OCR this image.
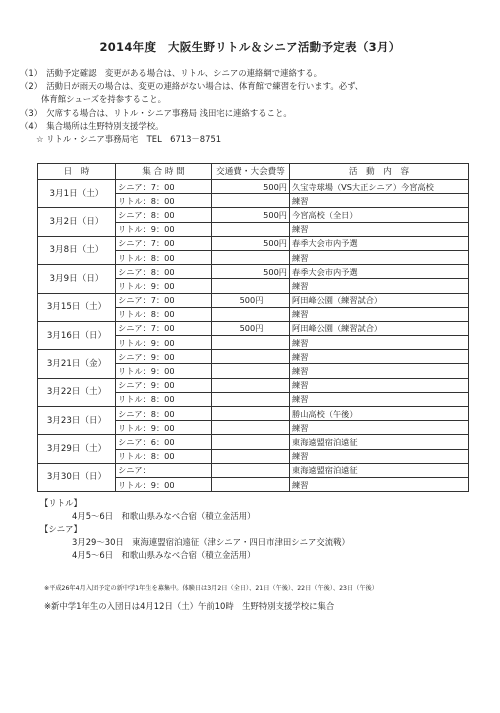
2014年度　大阪生野リトル＆シニア活動予定表（3月）
（1）　活動予定確認　変更がある場合は、リトル、シニアの連絡網で連絡する。
（2）　活動日が雨天の場合は、変更の連絡がない場合は、体育館で練習を行います。必ず、
体育館シューズを持参すること。
（3）　欠席する場合は、リトル・シニア事務局 浅田宅に連絡すること。
（4）　集合場所は生野特別支援学校。
☆ リトル・シニア事務局宅　TEL　6713－8751
日　時	集 合 時 間	交通費・大会費等	活　動　内　容
3月1日（土）	シニア：7：00	500円	久宝寺球場（VS大正シニア）今宮高校
	リトル：8：00		練習
3月2日（日）	シニア：8：00	500円	今宮高校（全日）
	リトル：9：00		練習
3月8日（土）	シニア：7：00	500円	春季大会市内予選
	リトル：8：00		練習
3月9日（日）	シニア：8：00	500円	春季大会市内予選
	リトル：9：00		練習
3月15日（土）	シニア：7：00	500円	阿田峰公園（練習試合）
	リトル：8：00		練習
3月16日（日）	シニア：7：00	500円	阿田峰公園（練習試合）
	リトル：9：00		練習
3月21日（金）	シニア：9：00		練習
	リトル：9：00		練習
3月22日（土）	シニア：9：00		練習
	リトル：8：00		練習
3月23日（日）	シニア：8：00		勝山高校（午後）
	リトル：9：00		練習
3月29日（土）	シニア：6：00		東海遠盟宿泊遠征
	リトル：8：00		練習
3月30日（日）	シニア：		東海遠盟宿泊遠征
	リトル：9：00		練習
【リトル】
4月5～6日　和歌山県みなべ合宿（積立金活用）
【シニア】
3月29～30日　東海連盟宿泊遠征（津シニア・四日市津田シニア交流戦）
4月5～6日　和歌山県みなべ合宿（積立金活用）
※平成26年4月入団予定の新中学1年生を募集中。体験日は3月2日（全日）、21日（午後）、22日（午後）、23日（午後）
※新中学1年生の入団日は4月12日（土）午前10時　生野特別支援学校に集合
